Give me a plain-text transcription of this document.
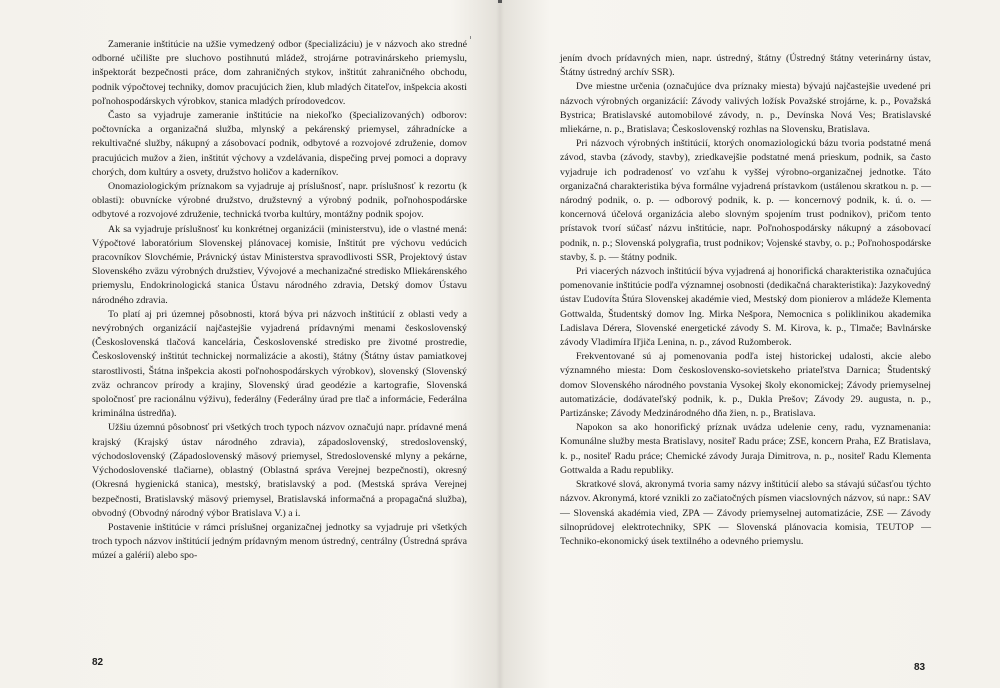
Zameranie inštitúcie na užšie vymedzený odbor (špecializáciu) je v názvoch ako stredné odborné učilište pre sluchovo postihnutú mládež, strojárne potravinárskeho priemyslu, inšpektorát bezpečnosti práce, dom zahraničných stykov, inštitút zahraničného obchodu, podnik výpočtovej techniky, domov pracujúcich žien, klub mladých čitateľov, inšpekcia akosti poľnohospodárskych výrobkov, stanica mladých prírodovedcov.

Často sa vyjadruje zameranie inštitúcie na niekoľko (špecializovaných) odborov: počtovnícka a organizačná služba, mlynský a pekárenský priemysel, záhradnícke a rekultivačné služby, nákupný a zásobovací podnik, odbytové a rozvojové združenie, domov pracujúcich mužov a žien, inštitút výchovy a vzdelávania, dispečing prvej pomoci a dopravy chorých, dom kultúry a osvety, družstvo holičov a kaderníkov.

Onomaziologickým príznakom sa vyjadruje aj príslušnosť, napr. príslušnosť k rezortu (k oblasti): obuvnícke výrobné družstvo, družstevný a výrobný podnik, poľnohospodárske odbytové a rozvojové združenie, technická tvorba kultúry, montážny podnik spojov.

Ak sa vyjadruje príslušnosť ku konkrétnej organizácii (ministerstvu), ide o vlastné mená: Výpočtové laboratórium Slovenskej plánovacej komisie, Inštitút pre výchovu vedúcich pracovníkov Slovchémie, Právnický ústav Ministerstva spravodlivosti SSR, Projektový ústav Slovenského zväzu výrobných družstiev, Vývojové a mechanizačné stredisko Mliekárenského priemyslu, Endokrinologická stanica Ústavu národného zdravia, Detský domov Ústavu národného zdravia.

To platí aj pri územnej pôsobnosti, ktorá býva pri názvoch inštitúcií z oblasti vedy a nevýrobných organizácií najčastejšie vyjadrená prídavnými menami československý (Československá tlačová kancelária, Československé stredisko pre životné prostredie, Československý inštitút technickej normalizácie a akosti), štátny (Štátny ústav pamiatkovej starostlivosti, Štátna inšpekcia akosti poľnohospodárskych výrobkov), slovenský (Slovenský zväz ochrancov prírody a krajiny, Slovenský úrad geodézie a kartografie, Slovenská spoločnosť pre racionálnu výživu), federálny (Federálny úrad pre tlač a informácie, Federálna kriminálna ústredňa).

Užšiu územnú pôsobnosť pri všetkých troch typoch názvov označujú napr. prídavné mená krajský (Krajský ústav národného zdravia), západoslovenský, stredoslovenský, východoslovenský (Západoslovenský mäsový priemysel, Stredoslovenské mlyny a pekárne, Východoslovenské tlačiarne), oblastný (Oblastná správa Verejnej bezpečnosti), okresný (Okresná hygienická stanica), mestský, bratislavský a pod. (Mestská správa Verejnej bezpečnosti, Bratislavský mäsový priemysel, Bratislavská informačná a propagačná služba), obvodný (Obvodný národný výbor Bratislava V.) a i.

Postavenie inštitúcie v rámci príslušnej organizačnej jednotky sa vyjadruje pri všetkých troch typoch názvov inštitúcií jedným prídavným menom ústredný, centrálny (Ústredná správa múzeí a galérií) alebo spo-

82

jením dvoch prídavných mien, napr. ústredný, štátny (Ústredný štátny veterinárny ústav, Štátny ústredný archív SSR).

Dve miestne určenia (označujúce dva príznaky miesta) bývajú najčastejšie uvedené pri názvoch výrobných organizácií: Závody valivých ložísk Považské strojárne, k. p., Považská Bystrica; Bratislavské automobilové závody, n. p., Devínska Nová Ves; Bratislavské mliekárne, n. p., Bratislava; Československý rozhlas na Slovensku, Bratislava.

Pri názvoch výrobných inštitúcií, ktorých onomaziologickú bázu tvoria podstatné mená závod, stavba (závody, stavby), zriedkavejšie podstatné mená prieskum, podnik, sa často vyjadruje ich podradenosť vo vzťahu k vyššej výrobno-organizačnej jednotke. Táto organizačná charakteristika býva formálne vyjadrená prístavkom (ustálenou skratkou n. p. — národný podnik, o. p. — odborový podnik, k. p. — koncernový podnik, k. ú. o. — koncernová účelová organizácia alebo slovným spojením trust podnikov), pričom tento prístavok tvorí súčasť názvu inštitúcie, napr. Poľnohospodársky nákupný a zásobovací podnik, n. p.; Slovenská polygrafia, trust podnikov; Vojenské stavby, o. p.; Poľnohospodárske stavby, š. p. — štátny podnik.

Pri viacerých názvoch inštitúcií býva vyjadrená aj honorifická charakteristika označujúca pomenovanie inštitúcie podľa významnej osobnosti (dedikačná charakteristika): Jazykovedný ústav Ľudovíta Štúra Slovenskej akadémie vied, Mestský dom pionierov a mládeže Klementa Gottwalda, Študentský domov Ing. Mirka Nešpora, Nemocnica s poliklinikou akademika Ladislava Dérera, Slovenské energetické závody S. M. Kirova, k. p., Tlmače; Bavlnárske závody Vladimíra Iľjiča Lenina, n. p., závod Ružomberok.

Frekventované sú aj pomenovania podľa istej historickej udalosti, akcie alebo významného miesta: Dom československo-sovietskeho priateľstva Darnica; Študentský domov Slovenského národného povstania Vysokej školy ekonomickej; Závody priemyselnej automatizácie, dodávateľský podnik, k. p., Dukla Prešov; Závody 29. augusta, n. p., Partizánske; Závody Medzinárodného dňa žien, n. p., Bratislava.

Napokon sa ako honorifický príznak uvádza udelenie ceny, radu, vyznamenania: Komunálne služby mesta Bratislavy, nositeľ Radu práce; ZSE, koncern Praha, EZ Bratislava, k. p., nositeľ Radu práce; Chemické závody Juraja Dimitrova, n. p., nositeľ Radu Klementa Gottwalda a Radu republiky.

Skratkové slová, akronymá tvoria samy názvy inštitúcií alebo sa stávajú súčasťou týchto názvov. Akronymá, ktoré vznikli zo začiatočných písmen viacslovných názvov, sú napr.: SAV — Slovenská akadémia vied, ZPA — Závody priemyselnej automatizácie, ZSE — Závody silnoprúdovej elektrotechniky, SPK — Slovenská plánovacia komisia, TEUTOP — Techniko-ekonomický úsek textilného a odevného priemyslu.

83
